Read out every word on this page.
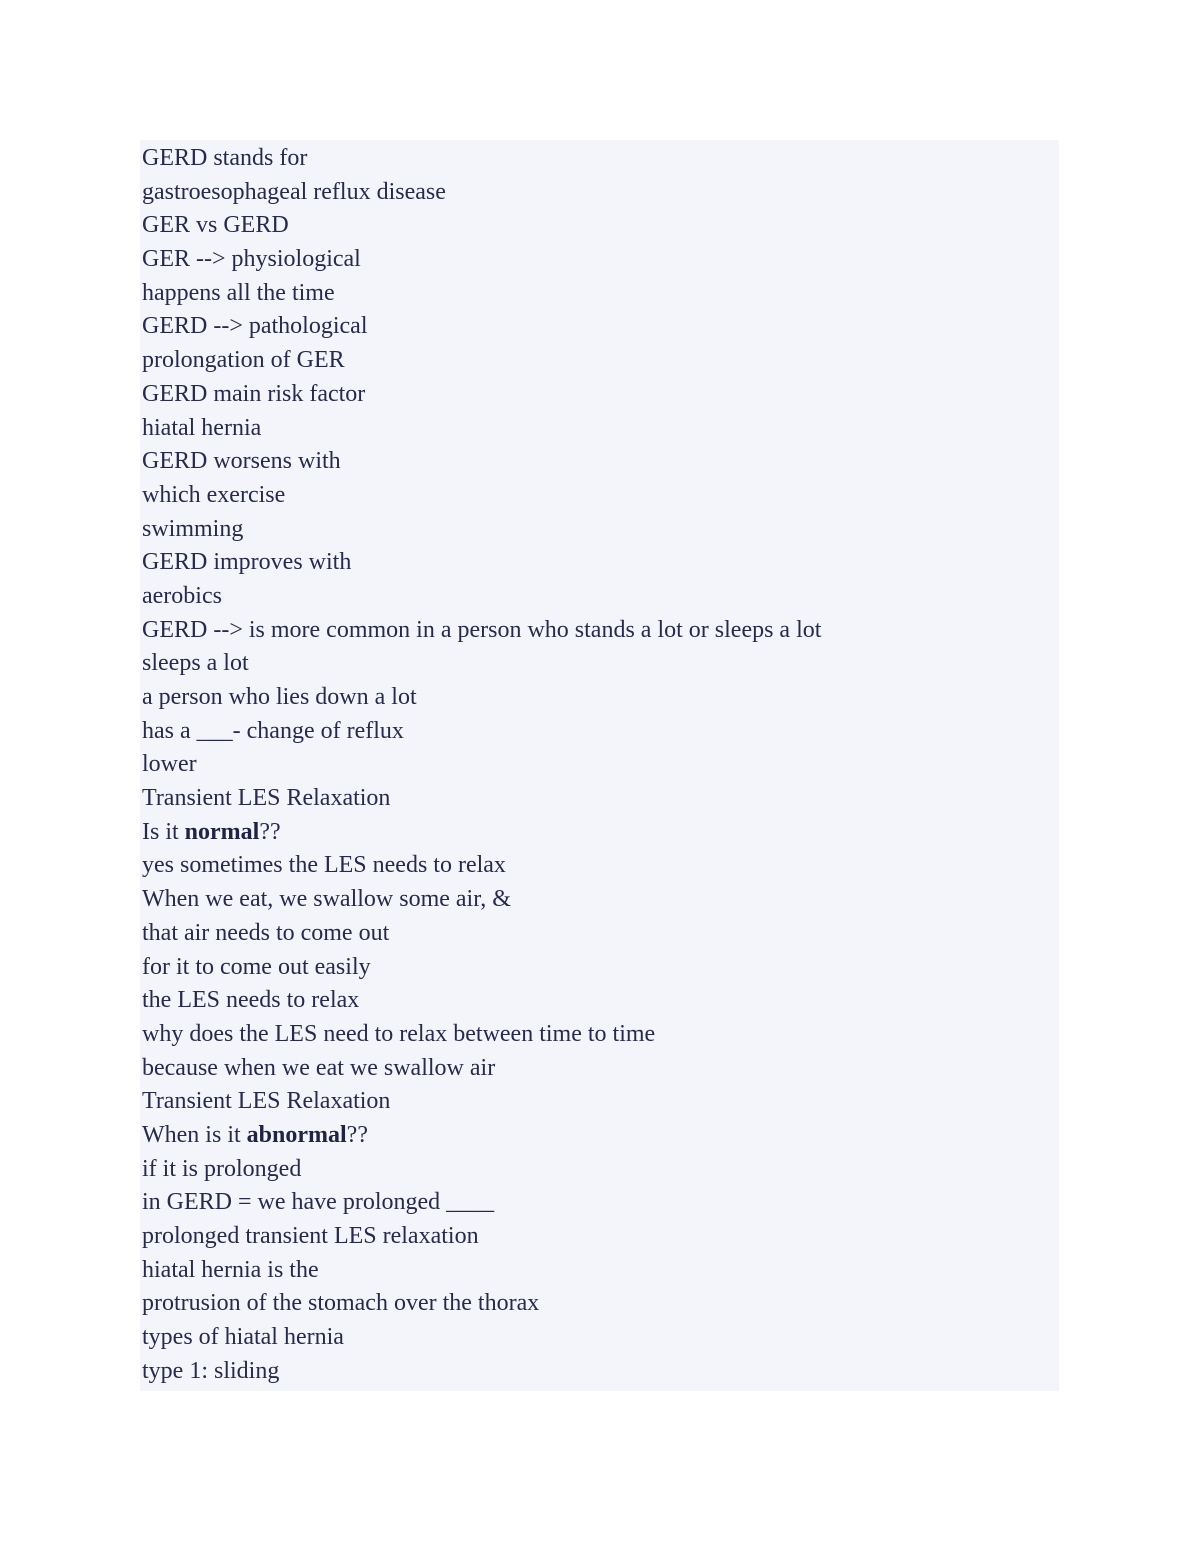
GERD stands for
gastroesophageal reflux disease
GER vs GERD
GER --> physiological
happens all the time
GERD --> pathological
prolongation of GER
GERD main risk factor
hiatal hernia
GERD worsens with
which exercise
swimming
GERD improves with
aerobics
GERD --> is more common in a person who stands a lot or sleeps a lot
sleeps a lot
a person who lies down a lot
has a ___- change of reflux
lower
Transient LES Relaxation
Is it normal??
yes sometimes the LES needs to relax
When we eat, we swallow some air, &
that air needs to come out
for it to come out easily
the LES needs to relax
why does the LES need to relax between time to time
because when we eat we swallow air
Transient LES Relaxation
When is it abnormal??
if it is prolonged
in GERD = we have prolonged ____
prolonged transient LES relaxation
hiatal hernia is the
protrusion of the stomach over the thorax
types of hiatal hernia
type 1: sliding
